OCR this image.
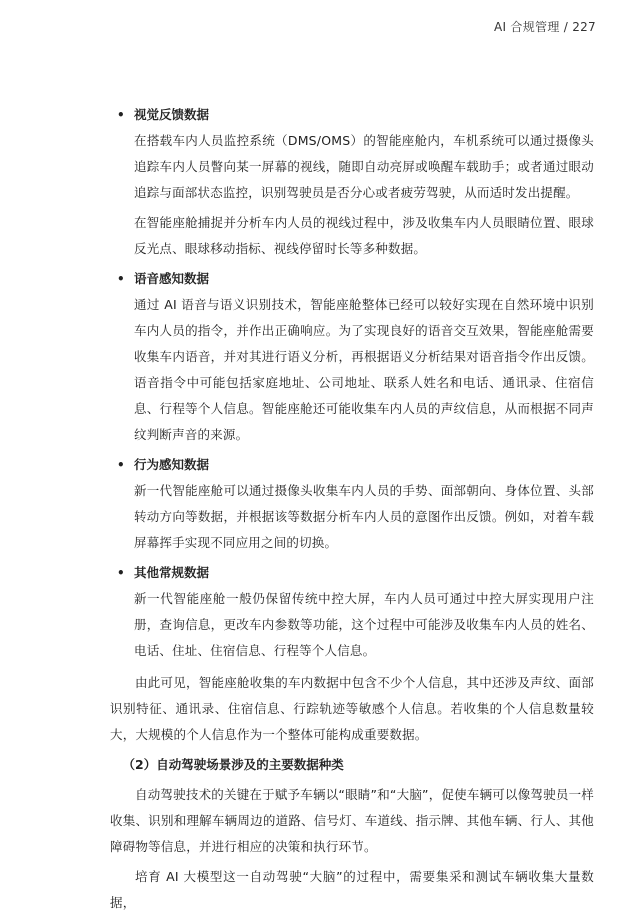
AI 合规管理 / 227
• 视觉反馈数据

在搭载车内人员监控系统（DMS/OMS）的智能座舱内，车机系统可以通过摄像头追踪车内人员瞥向某一屏幕的视线，随即自动亮屏或唤醒车载助手；或者通过眼动追踪与面部状态监控，识别驾驶员是否分心或者疲劳驾驶，从而适时发出提醒。

在智能座舱捕捉并分析车内人员的视线过程中，涉及收集车内人员眼睛位置、眼球反光点、眼球移动指标、视线停留时长等多种数据。

• 语音感知数据

通过 AI 语音与语义识别技术，智能座舱整体已经可以较好实现在自然环境中识别车内人员的指令，并作出正确响应。为了实现良好的语音交互效果，智能座舱需要收集车内语音，并对其进行语义分析，再根据语义分析结果对语音指令作出反馈。语音指令中可能包括家庭地址、公司地址、联系人姓名和电话、通讯录、住宿信息、行程等个人信息。智能座舱还可能收集车内人员的声纹信息，从而根据不同声纹判断声音的来源。

• 行为感知数据

新一代智能座舱可以通过摄像头收集车内人员的手势、面部朝向、身体位置、头部转动方向等数据，并根据该等数据分析车内人员的意图作出反馈。例如，对着车载屏幕挥手实现不同应用之间的切换。

• 其他常规数据

新一代智能座舱一般仍保留传统中控大屏，车内人员可通过中控大屏实现用户注册，查询信息，更改车内参数等功能，这个过程中可能涉及收集车内人员的姓名、电话、住址、住宿信息、行程等个人信息。

由此可见，智能座舱收集的车内数据中包含不少个人信息，其中还涉及声纹、面部识别特征、通讯录、住宿信息、行踪轨迹等敏感个人信息。若收集的个人信息数量较大，大规模的个人信息作为一个整体可能构成重要数据。

（2）自动驾驶场景涉及的主要数据种类

自动驾驶技术的关键在于赋予车辆以“眼睛”和“大脑”，促使车辆可以像驾驶员一样收集、识别和理解车辆周边的道路、信号灯、车道线、指示牌、其他车辆、行人、其他障碍物等信息，并进行相应的决策和执行环节。

培育 AI 大模型这一自动驾驶“大脑”的过程中，需要集采和测试车辆收集大量数据，
